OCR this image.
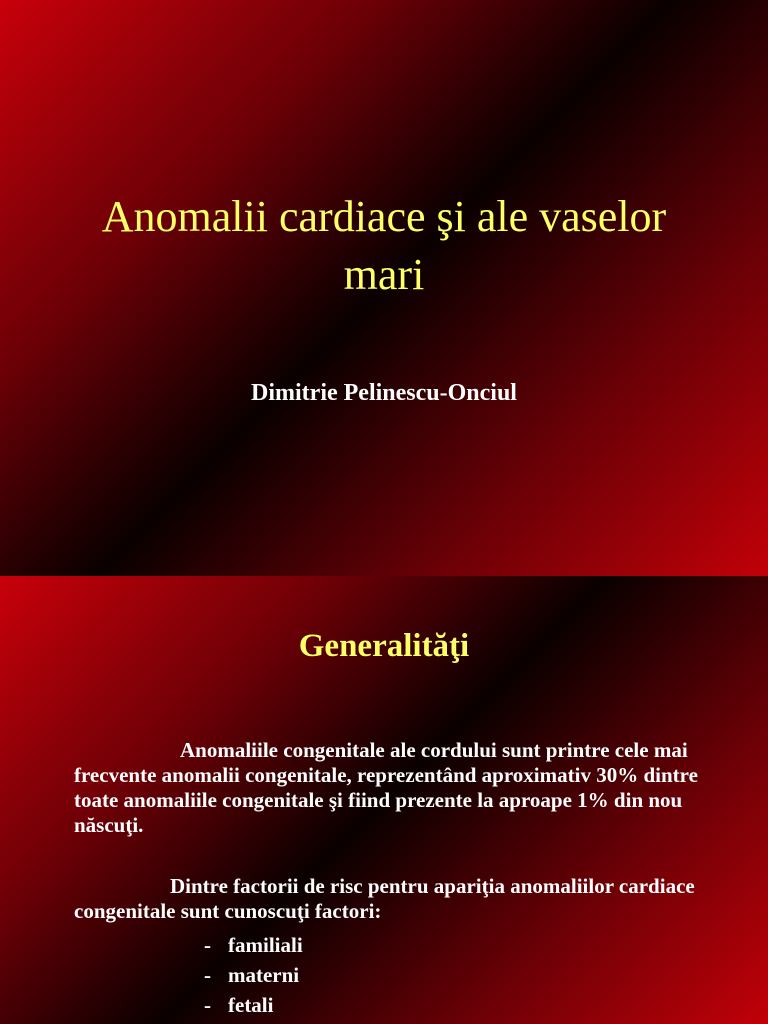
Anomalii cardiace şi ale vaselor
mari

Dimitrie Pelinescu-Onciul

Generalităţi

Anomaliile congenitale ale cordului sunt printre cele mai frecvente anomalii congenitale, reprezentând aproximativ 30% dintre toate anomaliile congenitale şi fiind prezente la aproape 1% din nou născuţi.

Dintre factorii de risc pentru apariţia anomaliilor cardiace congenitale sunt cunoscuţi factori:

- familiali
- materni
- fetali
